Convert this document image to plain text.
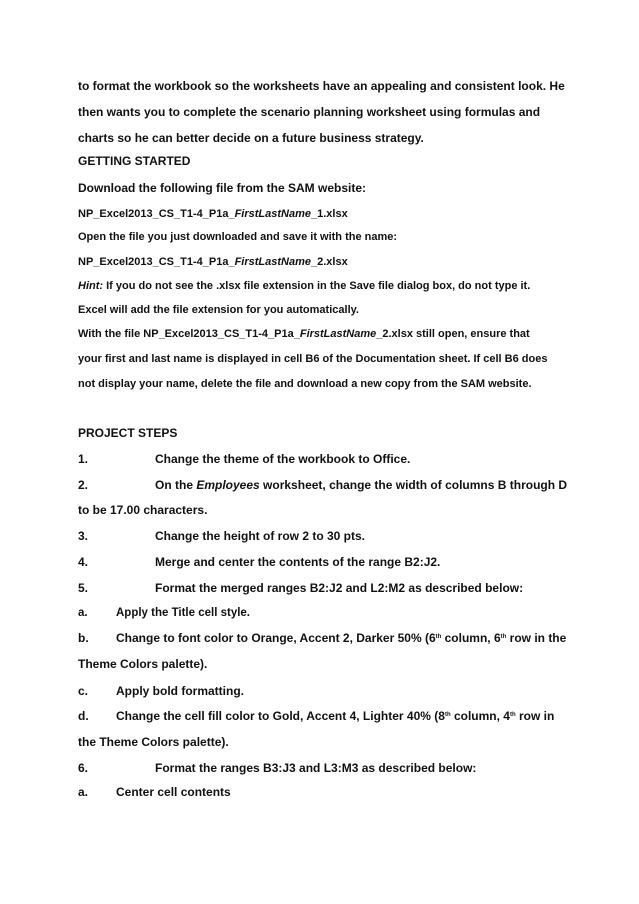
to format the workbook so the worksheets have an appealing and consistent look. He
then wants you to complete the scenario planning worksheet using formulas and
charts so he can better decide on a future business strategy.
GETTING STARTED
Download the following file from the SAM website:
NP_Excel2013_CS_T1-4_P1a_FirstLastName_1.xlsx
Open the file you just downloaded and save it with the name:
NP_Excel2013_CS_T1-4_P1a_FirstLastName_2.xlsx
Hint: If you do not see the .xlsx file extension in the Save file dialog box, do not type it.
Excel will add the file extension for you automatically.
With the file NP_Excel2013_CS_T1-4_P1a_FirstLastName_2.xlsx still open, ensure that
your first and last name is displayed in cell B6 of the Documentation sheet. If cell B6 does
not display your name, delete the file and download a new copy from the SAM website.
PROJECT STEPS
1.	Change the theme of the workbook to Office.
2.	On the Employees worksheet, change the width of columns B through D
to be 17.00 characters.
3.	Change the height of row 2 to 30 pts.
4.	Merge and center the contents of the range B2:J2.
5.	Format the merged ranges B2:J2 and L2:M2 as described below:
a. Apply the Title cell style.
b. Change to font color to Orange, Accent 2, Darker 50% (6th column, 6th row in the
Theme Colors palette).
c. Apply bold formatting.
d. Change the cell fill color to Gold, Accent 4, Lighter 40% (8th column, 4th row in
the Theme Colors palette).
6.	Format the ranges B3:J3 and L3:M3 as described below:
a. Center cell contents
